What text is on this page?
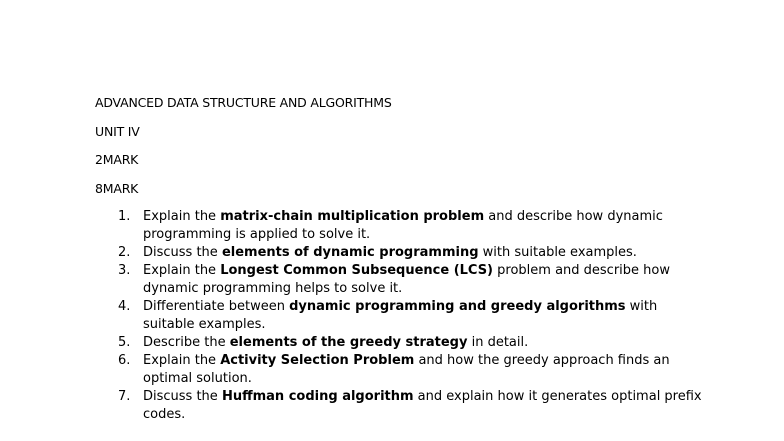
ADVANCED DATA STRUCTURE AND ALGORITHMS
UNIT IV
2MARK
8MARK
1. Explain the matrix-chain multiplication problem and describe how dynamic programming is applied to solve it.
2. Discuss the elements of dynamic programming with suitable examples.
3. Explain the Longest Common Subsequence (LCS) problem and describe how dynamic programming helps to solve it.
4. Differentiate between dynamic programming and greedy algorithms with suitable examples.
5. Describe the elements of the greedy strategy in detail.
6. Explain the Activity Selection Problem and how the greedy approach finds an optimal solution.
7. Discuss the Huffman coding algorithm and explain how it generates optimal prefix codes.
